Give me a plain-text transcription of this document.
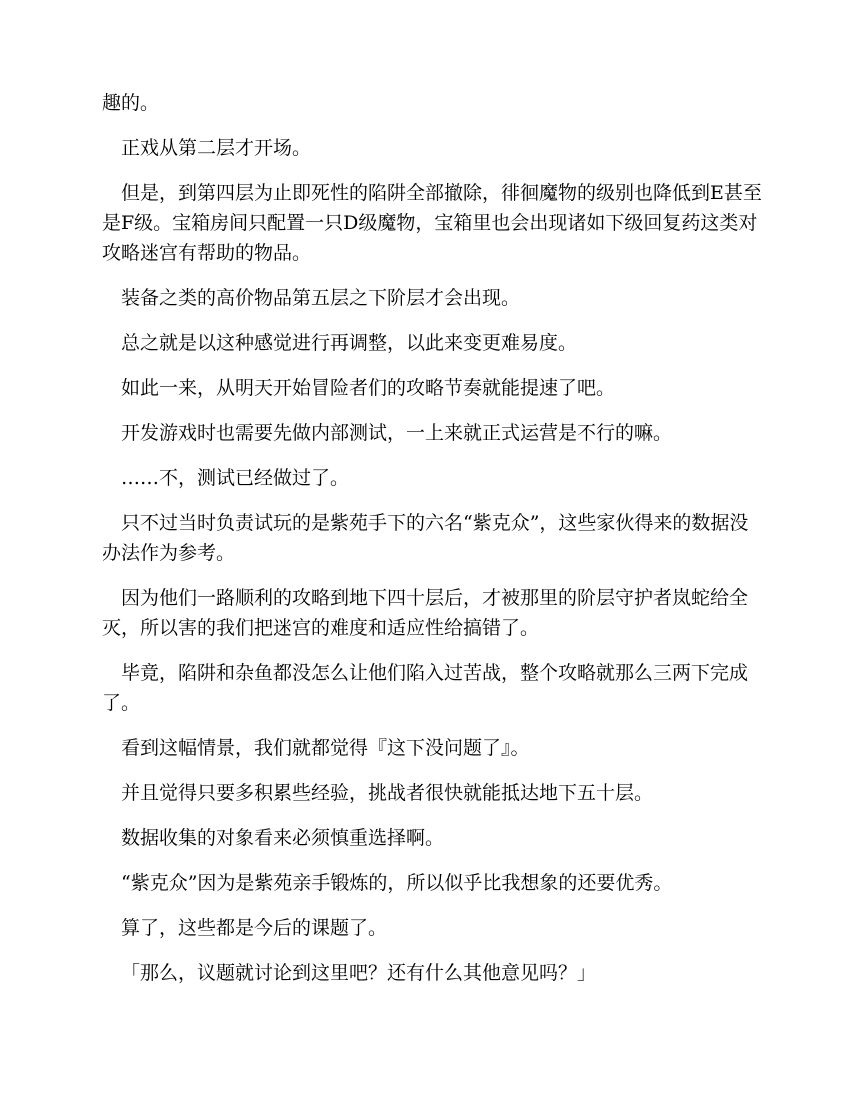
趣的。

正戏从第二层才开场。

但是，到第四层为止即死性的陷阱全部撤除，徘徊魔物的级别也降低到E甚至是F级。宝箱房间只配置一只D级魔物，宝箱里也会出现诸如下级回复药这类对攻略迷宫有帮助的物品。

装备之类的高价物品第五层之下阶层才会出现。

总之就是以这种感觉进行再调整，以此来变更难易度。

如此一来，从明天开始冒险者们的攻略节奏就能提速了吧。

开发游戏时也需要先做内部测试，一上来就正式运营是不行的嘛。

……不，测试已经做过了。

只不过当时负责试玩的是紫苑手下的六名“紫克众”，这些家伙得来的数据没办法作为参考。

因为他们一路顺利的攻略到地下四十层后，才被那里的阶层守护者岚蛇给全灭，所以害的我们把迷宫的难度和适应性给搞错了。

毕竟，陷阱和杂鱼都没怎么让他们陷入过苦战，整个攻略就那么三两下完成了。

看到这幅情景，我们就都觉得『这下没问题了』。

并且觉得只要多积累些经验，挑战者很快就能抵达地下五十层。

数据收集的对象看来必须慎重选择啊。

“紫克众”因为是紫苑亲手锻炼的，所以似乎比我想象的还要优秀。

算了，这些都是今后的课题了。

「那么，议题就讨论到这里吧？还有什么其他意见吗？」
